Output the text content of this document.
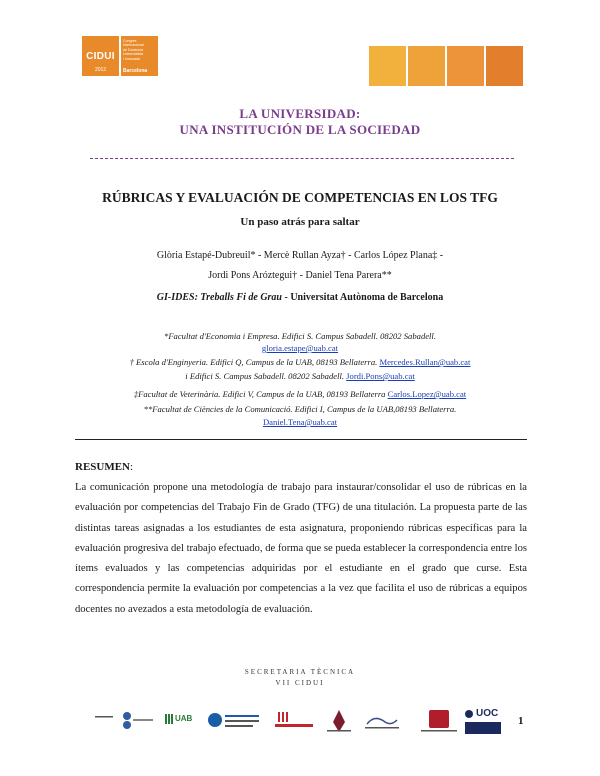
CIDUI
2012
Congrés
Internacional
de Docència
Universitària
i Innovació
Barcelona
LA UNIVERSIDAD:
UNA INSTITUCIÓN DE LA SOCIEDAD
RÚBRICAS Y EVALUACIÓN DE COMPETENCIAS EN LOS TFG
Un paso atrás para saltar
Glòria Estapé-Dubreuil* - Mercè Rullan Ayza† - Carlos López Plana‡ -
Jordi Pons Aróztegui† - Daniel Tena Parera**
GI-IDES: Treballs Fi de Grau - Universitat Autònoma de Barcelona
*Facultat d'Economia i Empresa. Edifici S. Campus Sabadell. 08202 Sabadell.
gloria.estape@uab.cat
† Escola d'Enginyeria. Edifici Q, Campus de la UAB, 08193 Bellaterra. Mercedes.Rullan@uab.cat
i Edifici S. Campus Sabadell. 08202 Sabadell. Jordi.Pons@uab.cat
‡Facultat de Veterinària. Edifici V, Campus de la UAB, 08193 Bellaterra Carlos.Lopez@uab.cat
**Facultat de Ciències de la Comunicació. Edifici I, Campus de la UAB,08193 Bellaterra.
Daniel.Tena@uab.cat
RESUMEN:
La comunicación propone una metodología de trabajo para instaurar/consolidar el uso de rúbricas en la evaluación por competencias del Trabajo Fin de Grado (TFG) de una titulación. La propuesta parte de las distintas tareas asignadas a los estudiantes de esta asignatura, proponiendo rúbricas específicas para la evaluación progresiva del trabajo efectuado, de forma que se pueda establecer la correspondencia entre los ítems evaluados y las competencias adquiridas por el estudiante en el grado que curse. Esta correspondencia permite la evaluación por competencias a la vez que facilita el uso de rúbricas a equipos docentes no avezados a esta metodología de evaluación.
SECRETARIA TÈCNICA
VII CIDUI
UAB	UOC
1
